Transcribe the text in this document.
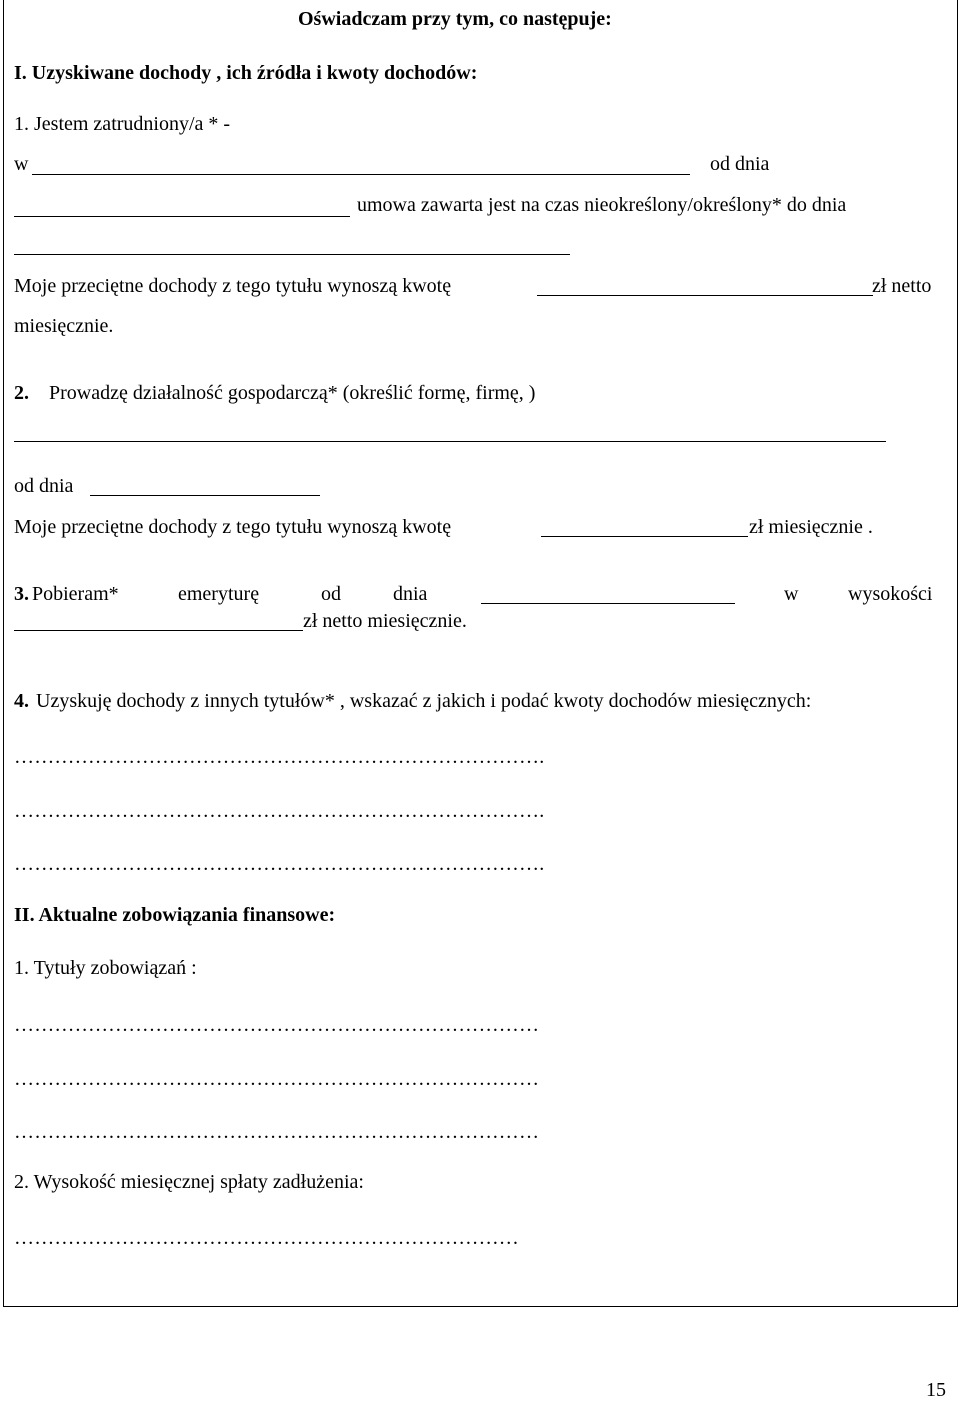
Oświadczam przy tym, co następuje:
I. Uzyskiwane dochody , ich źródła i kwoty dochodów:
1. Jestem zatrudniony/a * -
w	od dnia
umowa zawarta jest na czas nieokreślony/określony* do dnia
Moje przeciętne dochody z tego tytułu wynoszą kwotę	zł netto
miesięcznie.
2. Prowadzę działalność gospodarczą* (określić formę, firmę, )
od dnia
Moje przeciętne dochody z tego tytułu wynoszą kwotę	zł miesięcznie .
3. Pobieram*	emeryturę	od	dnia	w wysokości
zł netto miesięcznie.
4. Uzyskuję dochody z innych tytułów* , wskazać z jakich i podać kwoty dochodów miesięcznych:
…………………………………………………………………….
…………………………………………………………………….
…………………………………………………………………….
II. Aktualne zobowiązania finansowe:
1. Tytuły zobowiązań :
……………………………………………………………………
……………………………………………………………………
……………………………………………………………………
2. Wysokość miesięcznej spłaty zadłużenia:
…………………………………………………………………
15
